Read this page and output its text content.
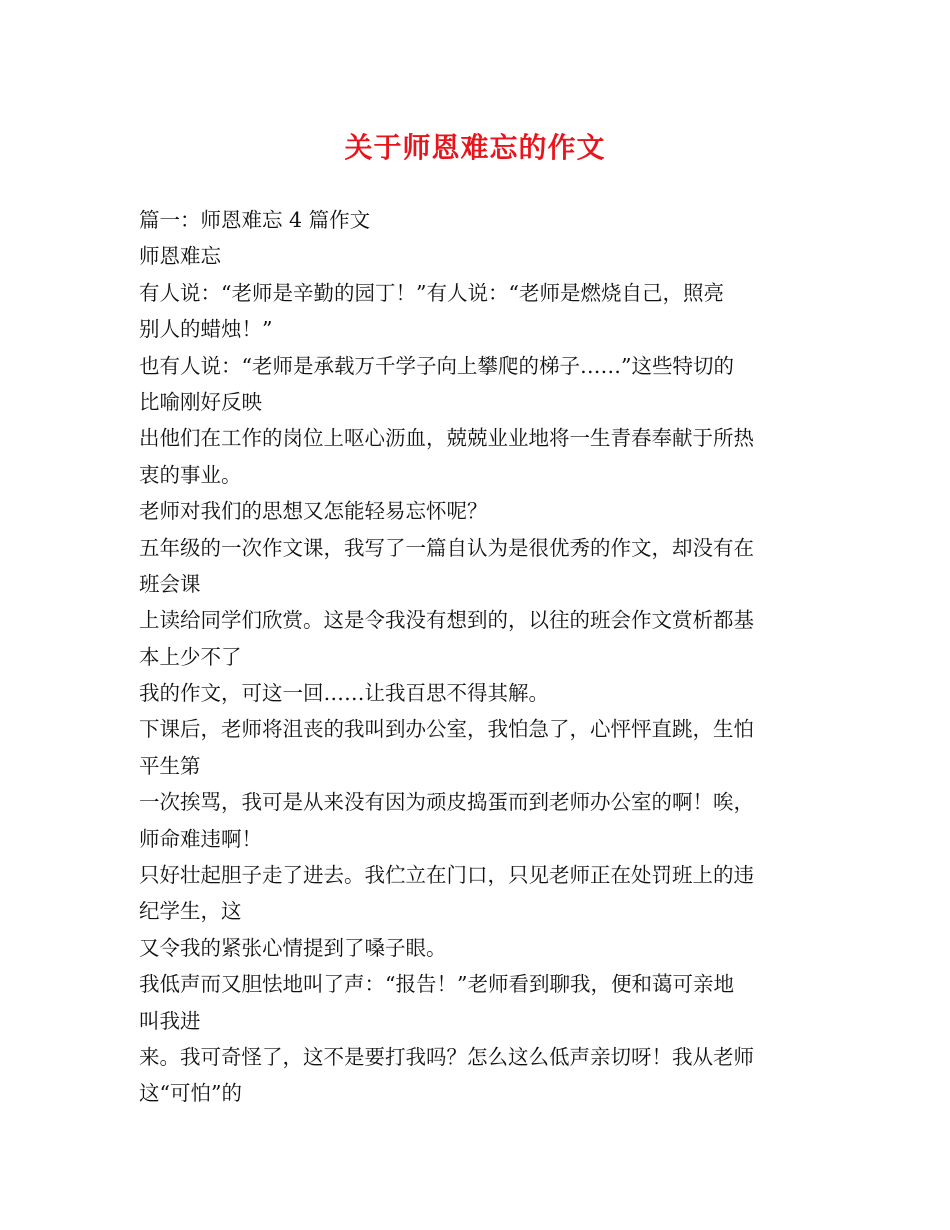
关于师恩难忘的作文
篇一：师恩难忘 4 篇作文
师恩难忘
有人说：“老师是辛勤的园丁！”有人说：“老师是燃烧自己，照亮
别人的蜡烛！”
也有人说：“老师是承载万千学子向上攀爬的梯子……”这些特切的
比喻刚好反映
出他们在工作的岗位上呕心沥血，兢兢业业地将一生青春奉献于所热
衷的事业。
老师对我们的思想又怎能轻易忘怀呢？
五年级的一次作文课，我写了一篇自认为是很优秀的作文，却没有在
班会课
上读给同学们欣赏。这是令我没有想到的，以往的班会作文赏析都基
本上少不了
我的作文，可这一回……让我百思不得其解。
下课后，老师将沮丧的我叫到办公室，我怕急了，心怦怦直跳，生怕
平生第
一次挨骂，我可是从来没有因为顽皮捣蛋而到老师办公室的啊！唉，
师命难违啊！
只好壮起胆子走了进去。我伫立在门口，只见老师正在处罚班上的违
纪学生，这
又令我的紧张心情提到了嗓子眼。
我低声而又胆怯地叫了声：“报告！”老师看到聊我，便和蔼可亲地
叫我进
来。我可奇怪了，这不是要打我吗？怎么这么低声亲切呀！我从老师
这“可怕”的
